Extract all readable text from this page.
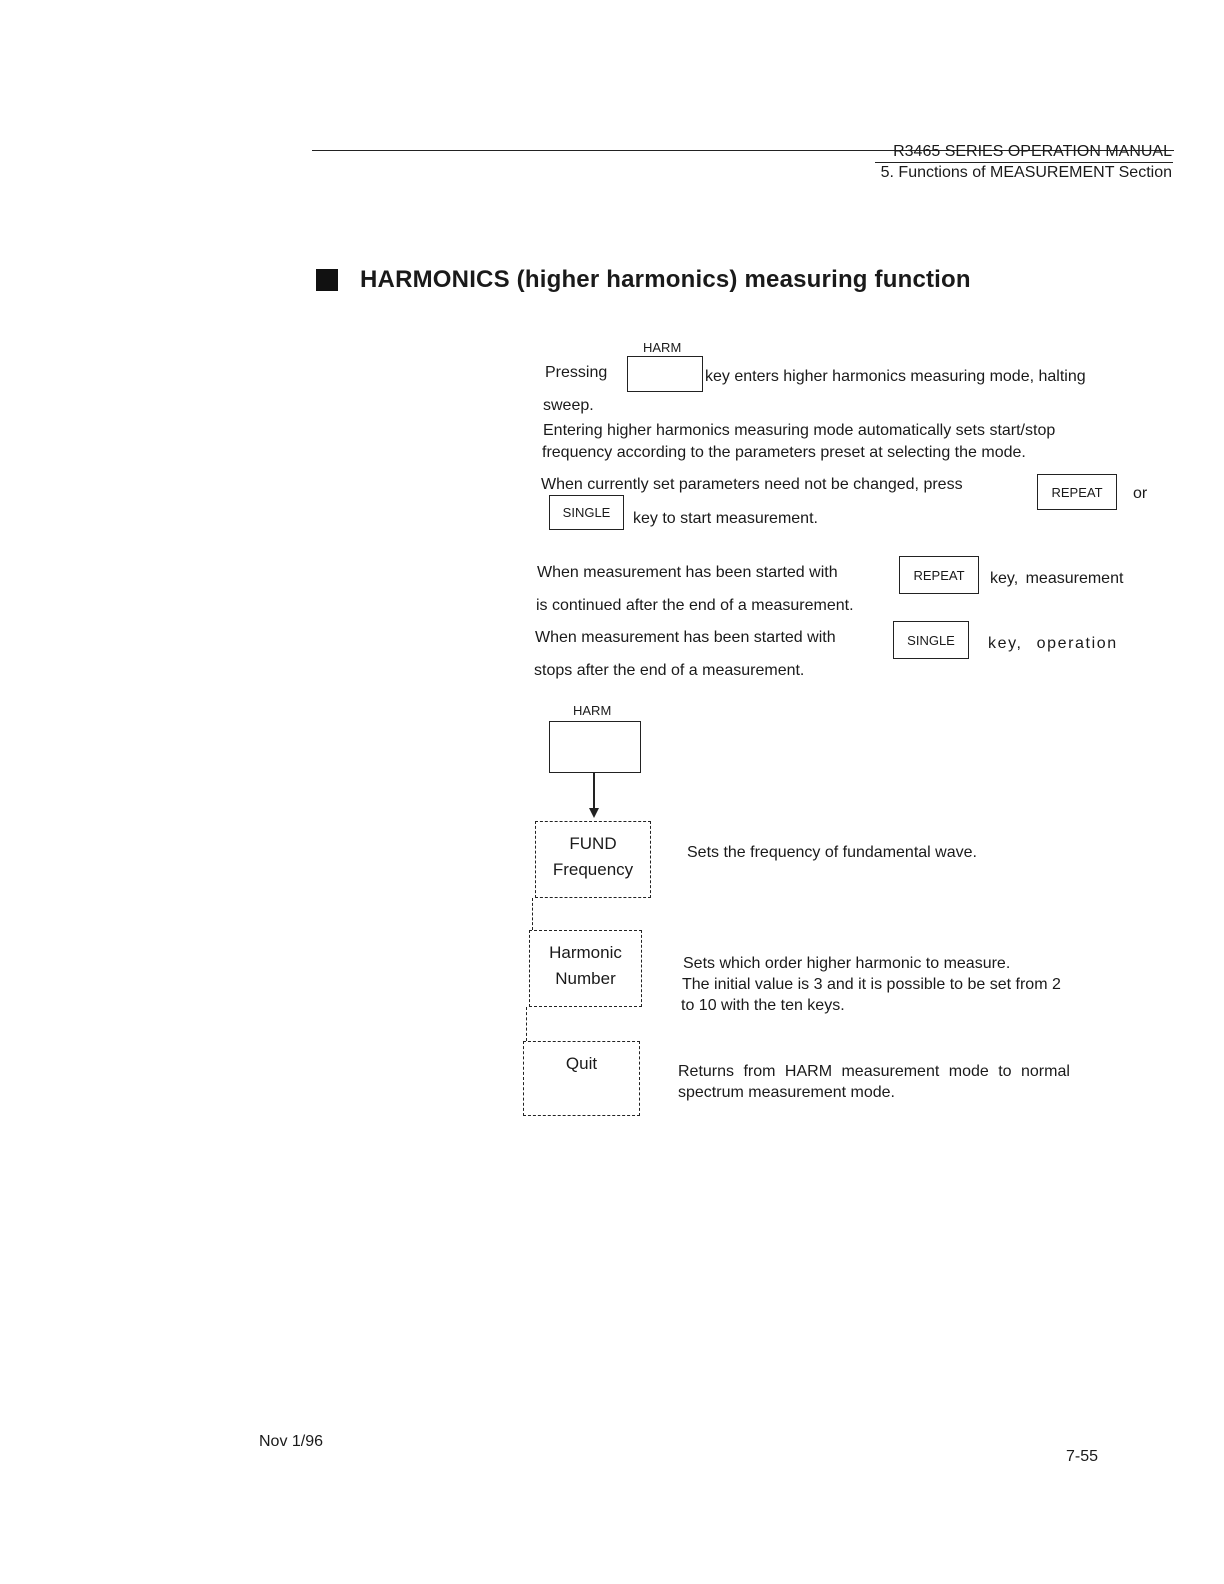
R3465 SERIES OPERATION MANUAL
5. Functions of MEASUREMENT Section
HARMONICS (higher harmonics) measuring function
HARM
Pressing	key enters higher harmonics measuring mode, halting
sweep.
Entering higher harmonics measuring mode automatically sets start/stop
frequency according to the parameters preset at selecting the mode.
When currently set parameters need not be changed, press	REPEAT	or
SINGLE	key to start measurement.
When measurement has been started with	REPEAT	key, measurement
is continued after the end of a measurement.
When measurement has been started with	SINGLE	key, operation
stops after the end of a measurement.
HARM
FUND
Frequency
Sets the frequency of fundamental wave.
Harmonic
Number
Sets which order higher harmonic to measure.
The initial value is 3 and it is possible to be set from 2
to 10 with the ten keys.
Quit	Returns from HARM measurement mode to normal
spectrum measurement mode.
Nov 1/96
7-55
